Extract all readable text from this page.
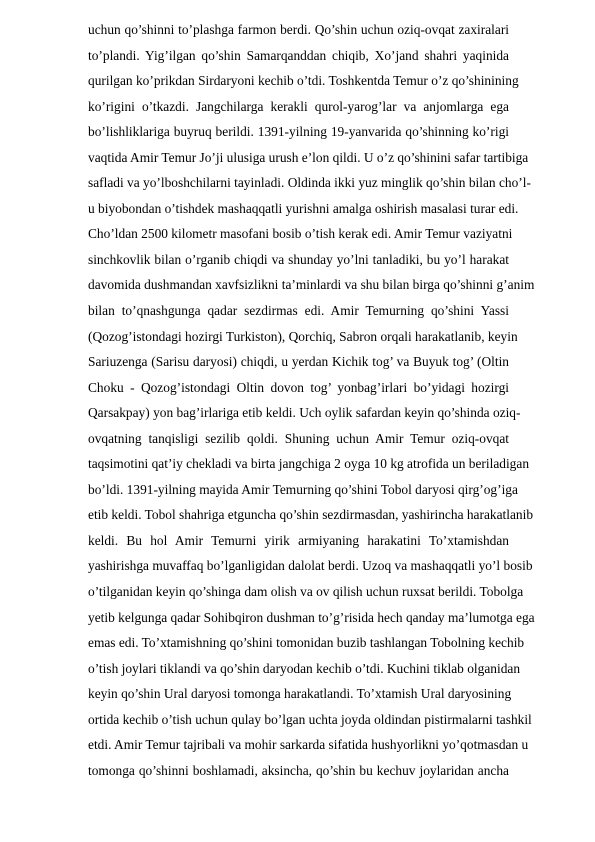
uchun qo’shinni to’plashga farmon berdi. Qo’shin uchun oziq-ovqat zaxiralari
to’plandi. Yig’ilgan qo’shin Samarqanddan chiqib, Xo’jand shahri yaqinida
qurilgan ko’prikdan Sirdaryoni kechib o’tdi. Toshkentda Temur o’z qo’shinining
ko’rigini o’tkazdi. Jangchilarga kerakli qurol-yarog’lar va anjomlarga ega
bo’lishliklariga buyruq berildi. 1391-yilning 19-yanvarida qo’shinning ko’rigi
vaqtida Amir Temur Jo’ji ulusiga urush e’lon qildi. U o’z qo’shinini safar tartibiga
safladi va yo’lboshchilarni tayinladi. Oldinda ikki yuz minglik qo’shin bilan cho’l-
u biyobondan o’tishdek mashaqqatli yurishni amalga oshirish masalasi turar edi.
Cho’ldan 2500 kilometr masofani bosib o’tish kerak edi. Amir Temur vaziyatni
sinchkovlik bilan o’rganib chiqdi va shunday yo’lni tanladiki, bu yo’l harakat
davomida dushmandan xavfsizlikni ta’minlardi va shu bilan birga qo’shinni g’anim
bilan to’qnashgunga qadar sezdirmas edi. Amir Temurning qo’shini Yassi
(Qozog’istondagi hozirgi Turkiston), Qorchiq, Sabron orqali harakatlanib, keyin
Sariuzenga (Sarisu daryosi) chiqdi, u yerdan Kichik tog’ va Buyuk tog’ (Oltin
Choku - Qozog’istondagi Oltin dovon tog’ yonbag’irlari bo’yidagi hozirgi
Qarsakpay) yon bag’irlariga etib keldi. Uch oylik safardan keyin qo’shinda oziq-
ovqatning tanqisligi sezilib qoldi. Shuning uchun Amir Temur oziq-ovqat
taqsimotini qat’iy chekladi va birta jangchiga 2 oyga 10 kg atrofida un beriladigan
bo’ldi. 1391-yilning mayida Amir Temurning qo’shini Tobol daryosi qirg’og’iga
etib keldi. Tobol shahriga etguncha qo’shin sezdirmasdan, yashirincha harakatlanib
keldi. Bu hol Amir Temurni yirik armiyaning harakatini To’xtamishdan
yashirishga muvaffaq bo’lganligidan dalolat berdi. Uzoq va mashaqqatli yo’l bosib
o’tilganidan keyin qo’shinga dam olish va ov qilish uchun ruxsat berildi. Tobolga
yetib kelgunga qadar Sohibqiron dushman to’g’risida hech qanday ma’lumotga ega
emas edi. To’xtamishning qo’shini tomonidan buzib tashlangan Tobolning kechib
o’tish joylari tiklandi va qo’shin daryodan kechib o’tdi. Kuchini tiklab olganidan
keyin qo’shin Ural daryosi tomonga harakatlandi. To’xtamish Ural daryosining
ortida kechib o’tish uchun qulay bo’lgan uchta joyda oldindan pistirmalarni tashkil
etdi. Amir Temur tajribali va mohir sarkarda sifatida hushyorlikni yo’qotmasdan u
tomonga qo’shinni boshlamadi, aksincha, qo’shin bu kechuv joylaridan ancha
